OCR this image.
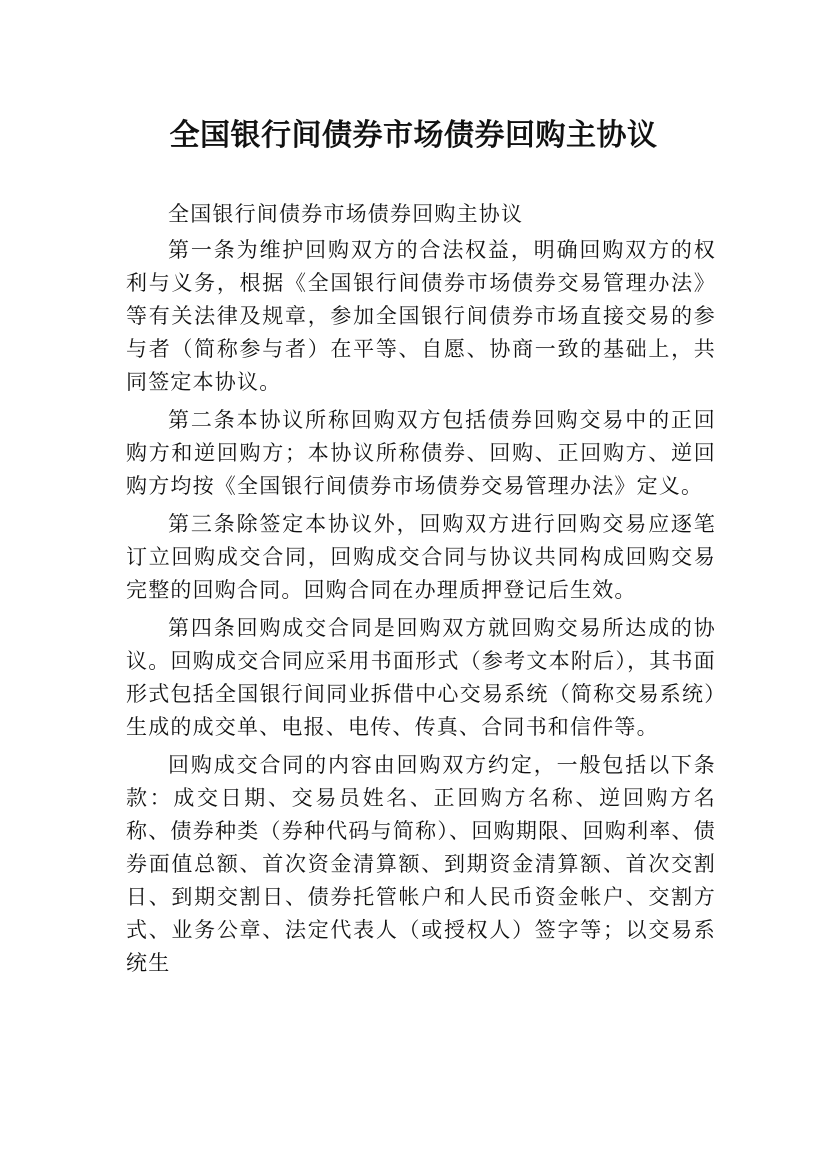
全国银行间债券市场债券回购主协议

全国银行间债券市场债券回购主协议

第一条为维护回购双方的合法权益，明确回购双方的权利与义务，根据《全国银行间债券市场债券交易管理办法》等有关法律及规章，参加全国银行间债券市场直接交易的参与者（简称参与者）在平等、自愿、协商一致的基础上，共同签定本协议。

第二条本协议所称回购双方包括债券回购交易中的正回购方和逆回购方；本协议所称债券、回购、正回购方、逆回购方均按《全国银行间债券市场债券交易管理办法》定义。

第三条除签定本协议外，回购双方进行回购交易应逐笔订立回购成交合同，回购成交合同与协议共同构成回购交易完整的回购合同。回购合同在办理质押登记后生效。

第四条回购成交合同是回购双方就回购交易所达成的协议。回购成交合同应采用书面形式（参考文本附后），其书面形式包括全国银行间同业拆借中心交易系统（简称交易系统）生成的成交单、电报、电传、传真、合同书和信件等。

回购成交合同的内容由回购双方约定，一般包括以下条款：成交日期、交易员姓名、正回购方名称、逆回购方名称、债券种类（券种代码与简称）、回购期限、回购利率、债券面值总额、首次资金清算额、到期资金清算额、首次交割日、到期交割日、债券托管帐户和人民币资金帐户、交割方式、业务公章、法定代表人（或授权人）签字等；以交易系统生
